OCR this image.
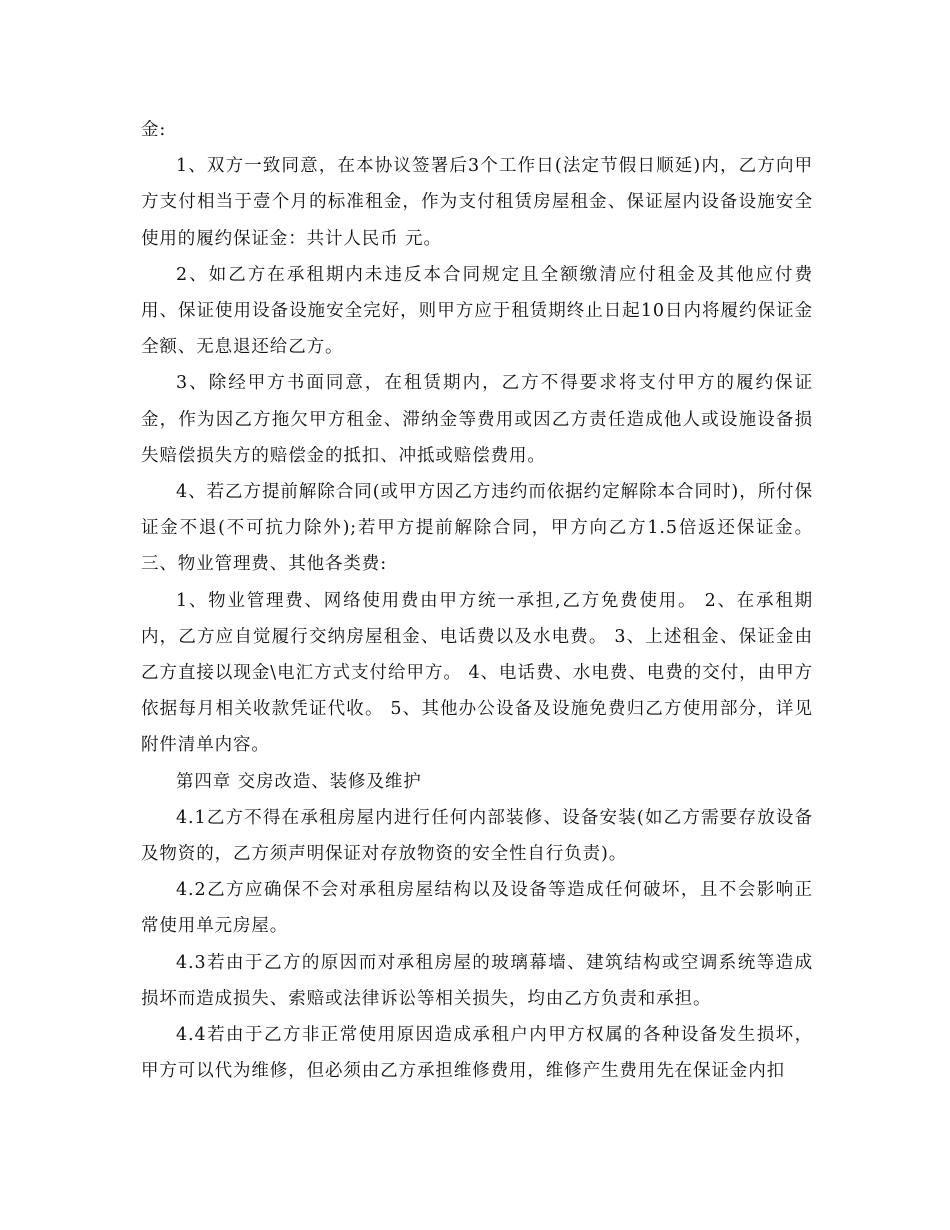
金:

1、双方一致同意，在本协议签署后3个工作日(法定节假日顺延)内，乙方向甲方支付相当于壹个月的标准租金，作为支付租赁房屋租金、保证屋内设备设施安全使用的履约保证金：共计人民币 元。

2、如乙方在承租期内未违反本合同规定且全额缴清应付租金及其他应付费用、保证使用设备设施安全完好，则甲方应于租赁期终止日起10日内将履约保证金全额、无息退还给乙方。

3、除经甲方书面同意，在租赁期内，乙方不得要求将支付甲方的履约保证金，作为因乙方拖欠甲方租金、滞纳金等费用或因乙方责任造成他人或设施设备损失赔偿损失方的赔偿金的抵扣、冲抵或赔偿费用。

4、若乙方提前解除合同(或甲方因乙方违约而依据约定解除本合同时)，所付保证金不退(不可抗力除外);若甲方提前解除合同，甲方向乙方1.5倍返还保证金。 三、物业管理费、其他各类费:

1、物业管理费、网络使用费由甲方统一承担,乙方免费使用。 2、在承租期内，乙方应自觉履行交纳房屋租金、电话费以及水电费。 3、上述租金、保证金由乙方直接以现金\电汇方式支付给甲方。 4、电话费、水电费、电费的交付，由甲方依据每月相关收款凭证代收。 5、其他办公设备及设施免费归乙方使用部分，详见附件清单内容。

第四章 交房改造、装修及维护

4.1乙方不得在承租房屋内进行任何内部装修、设备安装(如乙方需要存放设备及物资的，乙方须声明保证对存放物资的安全性自行负责)。

4.2乙方应确保不会对承租房屋结构以及设备等造成任何破坏，且不会影响正常使用单元房屋。

4.3若由于乙方的原因而对承租房屋的玻璃幕墙、建筑结构或空调系统等造成损坏而造成损失、索赔或法律诉讼等相关损失，均由乙方负责和承担。

4.4若由于乙方非正常使用原因造成承租户内甲方权属的各种设备发生损坏，甲方可以代为维修，但必须由乙方承担维修费用，维修产生费用先在保证金内扣
